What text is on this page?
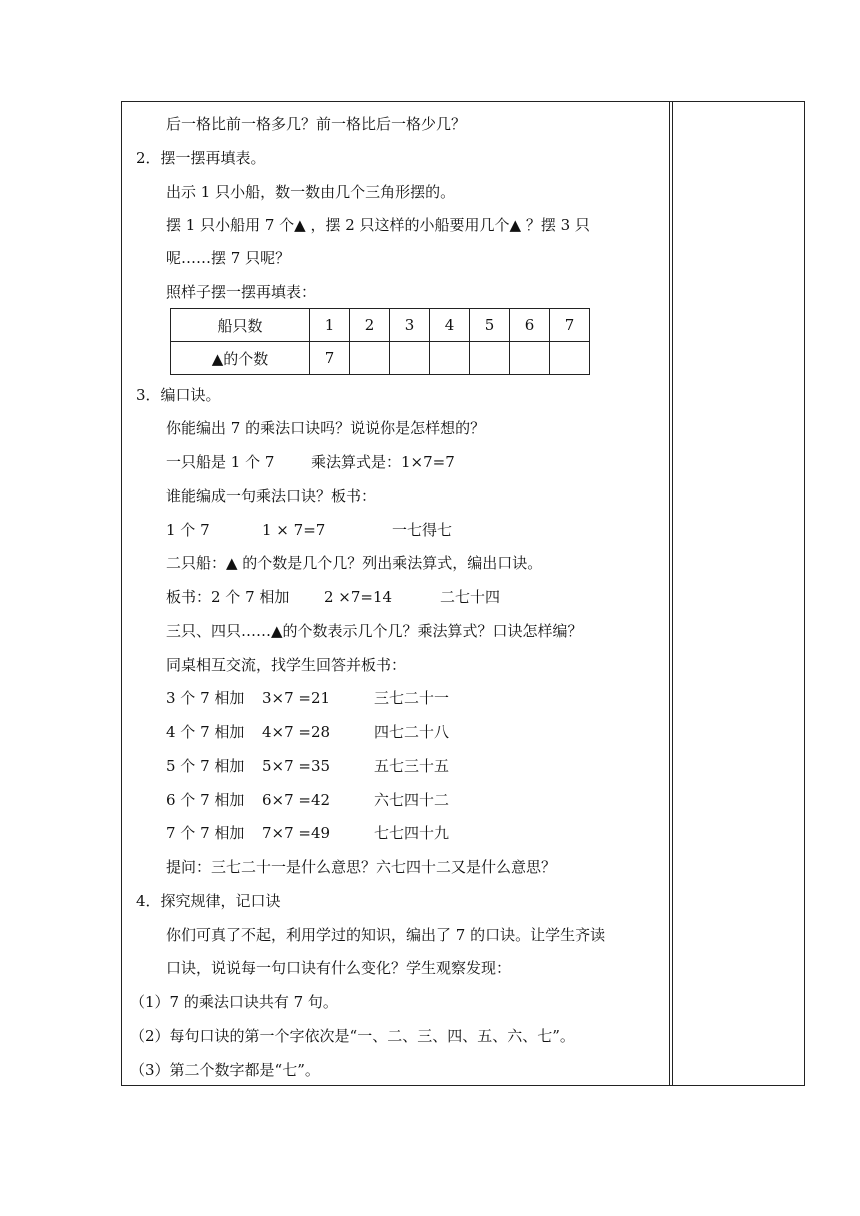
后一格比前一格多几？前一格比后一格少几？
2．摆一摆再填表。
出示 1 只小船，数一数由几个三角形摆的。
摆 1 只小船用 7 个▲ ，摆 2 只这样的小船要用几个▲ ？摆 3 只
呢……摆 7 只呢？
照样子摆一摆再填表：
船只数	1	2	3	4	5	6	7
▲的个数	7						
3．编口诀。
你能编出 7 的乘法口诀吗？说说你是怎样想的？
一只船是 1 个 7 乘法算式是：1×7=7
谁能编成一句乘法口诀？板书：
1 个 7	1 × 7=7	一七得七
二只船：▲ 的个数是几个几？列出乘法算式，编出口诀。
板书：2 个 7 相加 2 ×7=14	二七十四
三只、四只……▲的个数表示几个几？乘法算式？口诀怎样编？
同桌相互交流，找学生回答并板书：
3 个 7 相加 3×7 =21	三七二十一
4 个 7 相加 4×7 =28	四七二十八
5 个 7 相加 5×7 =35	五七三十五
6 个 7 相加 6×7 =42	六七四十二
7 个 7 相加 7×7 =49	七七四十九
提问：三七二十一是什么意思？六七四十二又是什么意思？
4．探究规律，记口诀
你们可真了不起，利用学过的知识，编出了 7 的口诀。让学生齐读
口诀，说说每一句口诀有什么变化？学生观察发现：
（1）7 的乘法口诀共有 7 句。
（2）每句口诀的第一个字依次是“一、二、三、四、五、六、七”。
（3）第二个数字都是“七”。
